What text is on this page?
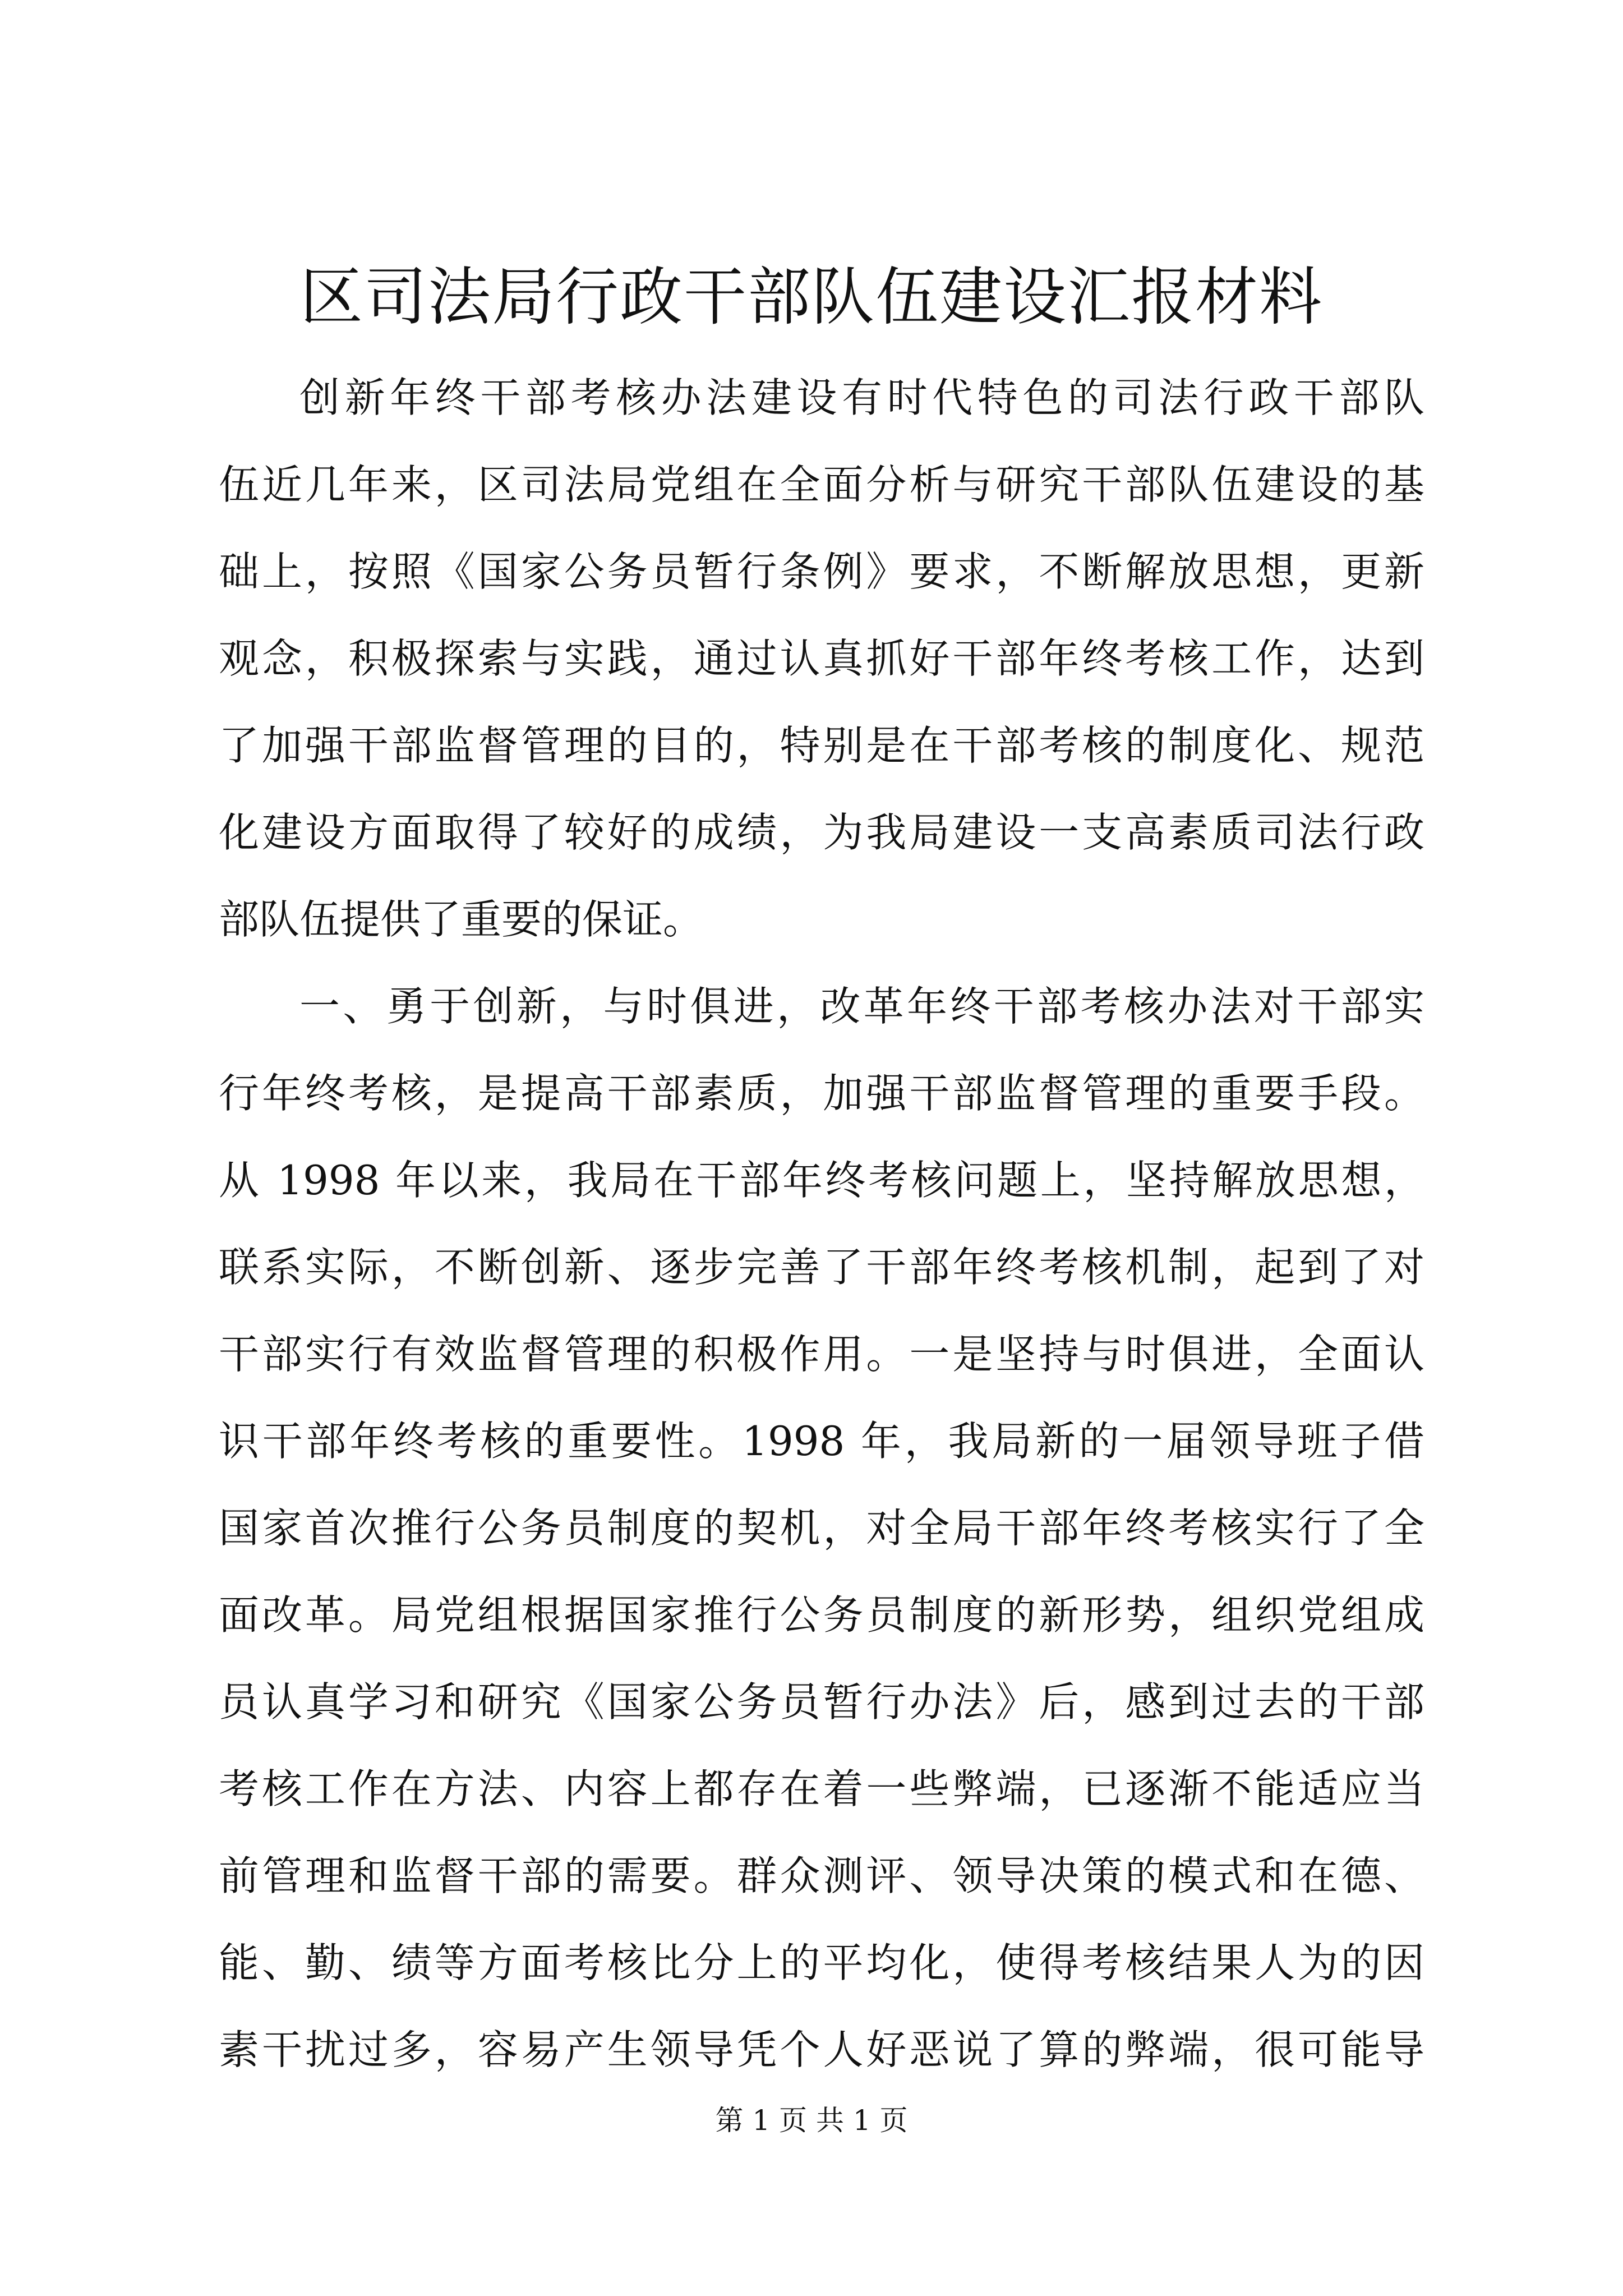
区司法局行政干部队伍建设汇报材料
创新年终干部考核办法建设有时代特色的司法行政干部队
伍近几年来，区司法局党组在全面分析与研究干部队伍建设的基
础上，按照《国家公务员暂行条例》要求，不断解放思想，更新
观念，积极探索与实践，通过认真抓好干部年终考核工作，达到
了加强干部监督管理的目的，特别是在干部考核的制度化、规范
化建设方面取得了较好的成绩，为我局建设一支高素质司法行政
部队伍提供了重要的保证。
一、勇于创新，与时俱进，改革年终干部考核办法对干部实
行年终考核，是提高干部素质，加强干部监督管理的重要手段。
从 1998 年以来，我局在干部年终考核问题上，坚持解放思想，
联系实际，不断创新、逐步完善了干部年终考核机制，起到了对
干部实行有效监督管理的积极作用。一是坚持与时俱进，全面认
识干部年终考核的重要性。1998 年，我局新的一届领导班子借
国家首次推行公务员制度的契机，对全局干部年终考核实行了全
面改革。局党组根据国家推行公务员制度的新形势，组织党组成
员认真学习和研究《国家公务员暂行办法》后，感到过去的干部
考核工作在方法、内容上都存在着一些弊端，已逐渐不能适应当
前管理和监督干部的需要。群众测评、领导决策的模式和在德、
能、勤、绩等方面考核比分上的平均化，使得考核结果人为的因
素干扰过多，容易产生领导凭个人好恶说了算的弊端，很可能导
第 1 页 共 1 页
